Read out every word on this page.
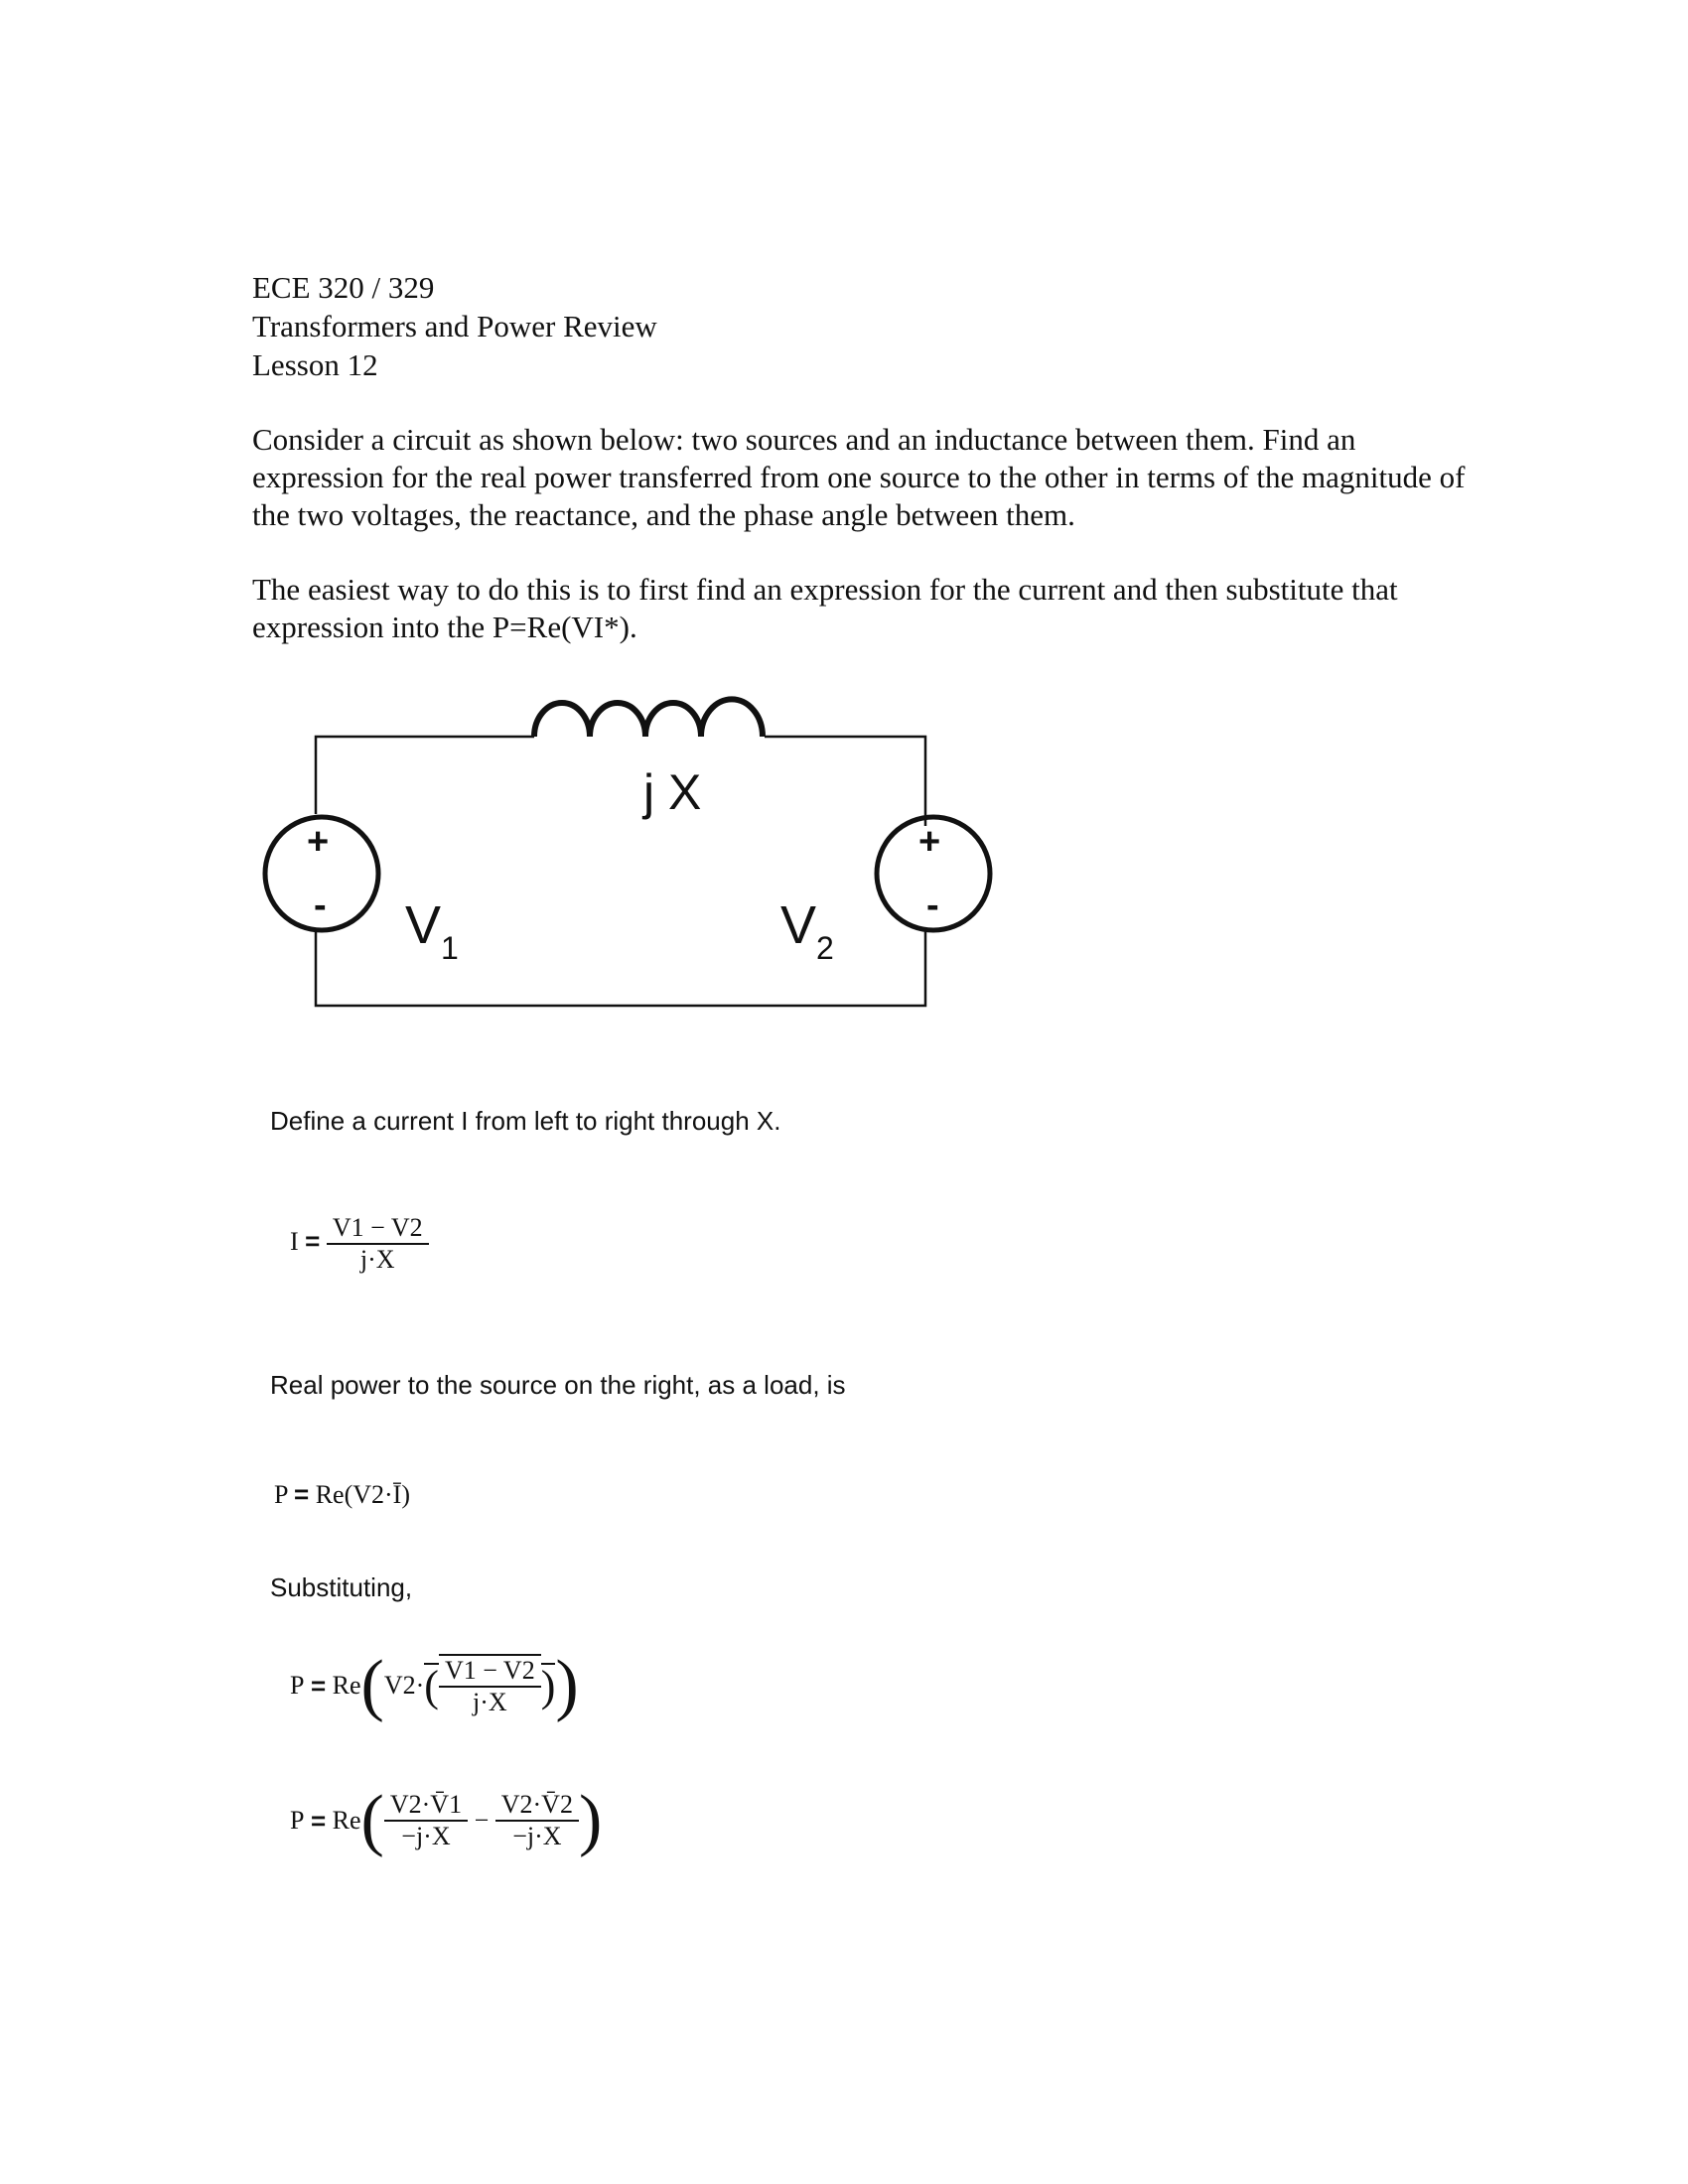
ECE 320 / 329
Transformers and Power Review
Lesson 12
Consider a circuit as shown below: two sources and an inductance between them. Find an expression for the real power transferred from one source to the other in terms of the magnitude of the two voltages, the reactance, and the phase angle between them.
The easiest way to do this is to first find an expression for the current and then substitute that expression into the P=Re(VI*).
j X
+
-
+
-
$V_1$	$V_2$
Define a current I from left to right through X.
$I = \frac{V1 - V2}{j\cdot X}$
Real power to the source on the right, as a load, is
P = Re(V2·Ī)
Substituting,
P
=
Re ( V2· ( $\frac{V1 - V2}{j\cdot X}$ ) )
P
=
Re ( $\frac{V2\cdot V̄1}{-j\cdot X}$
−
$\frac{V2\cdot V̄2}{-j\cdot X}$ )
